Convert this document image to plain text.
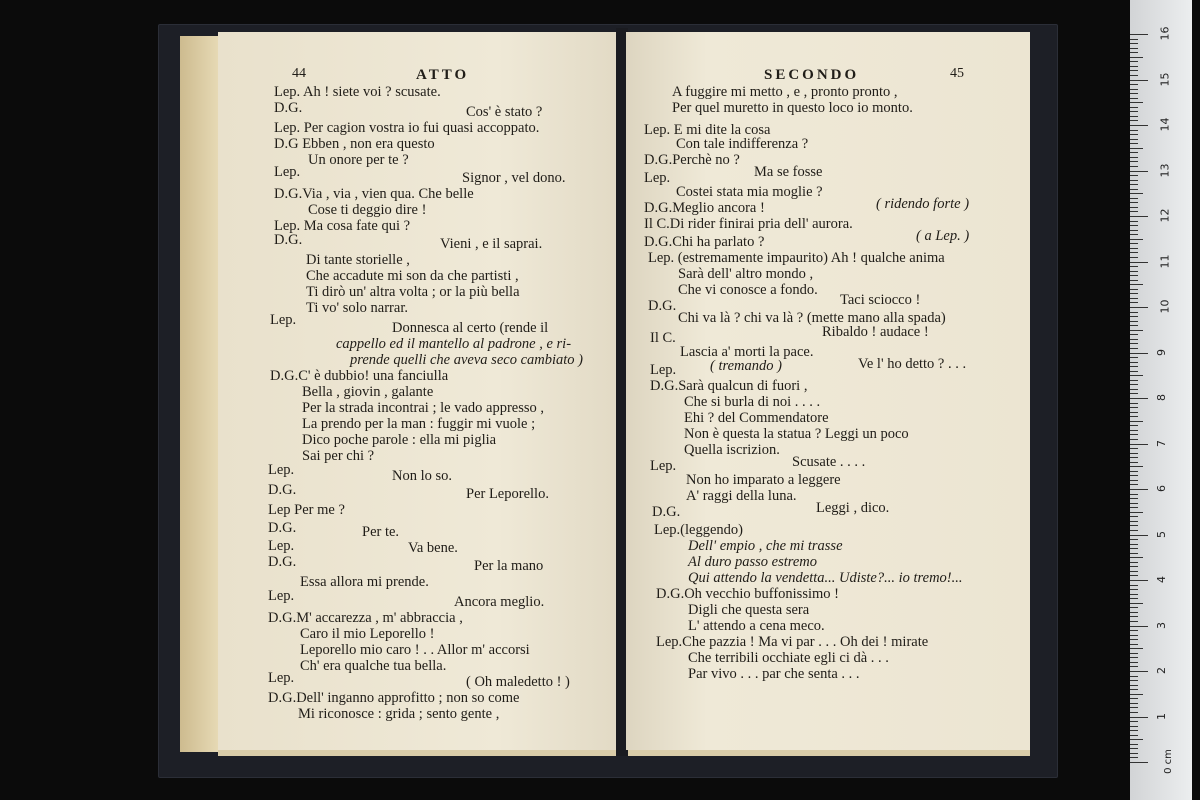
44	ATTO
Lep. Ah ! siete voi ? scusate.
D.G.	Cos' è stato ?
Lep. Per cagion vostra io fui quasi accoppato.
D.G Ebben , non era questo
Un onore per te ?
Lep.	Signor , vel dono.
D.G.Via , via , vien qua. Che belle
Cose ti deggio dire !
Lep. Ma cosa fate qui ?
D.G.	Vieni , e il saprai.
Di tante storielle ,
Che accadute mi son da che partisti ,
Ti dirò un' altra volta ; or la più bella
Ti vo' solo narrar.
Lep.	Donnesca al certo (rende il
cappello ed il mantello al padrone , e ri-
prende quelli che aveva seco cambiato )
D.G.C' è dubbio! una fanciulla
Bella , giovin , galante
Per la strada incontrai ; le vado appresso ,
La prendo per la man : fuggir mi vuole ;
Dico poche parole : ella mi piglia
Sai per chi ?
Lep.	Non lo so.
D.G.	Per Leporello.
Lep Per me ?
D.G.	Per te.
Lep.	Va bene.
D.G.	Per la mano
Essa allora mi prende.
Lep.	Ancora meglio.
D.G.M' accarezza , m' abbraccia ,
Caro il mio Leporello !
Leporello mio caro ! . . Allor m' accorsi
Ch' era qualche tua bella.
Lep.	( Oh maledetto ! )
D.G.Dell' inganno approfitto ; non so come
Mi riconosce : grida ; sento gente ,
SECONDO	45
A fuggire mi metto , e , pronto pronto ,
Per quel muretto in questo loco io monto.
Lep. E mi dite la cosa
Con tale indifferenza ?
D.G.Perchè no ?
Lep.	Ma se fosse
Costei stata mia moglie ?
D.G.Meglio ancora !	( ridendo forte )
Il C.Di rider finirai pria dell' aurora.
D.G.Chi ha parlato ?	( a Lep. )
Lep. (estremamente impaurito) Ah ! qualche anima
Sarà dell' altro mondo ,
Che vi conosce a fondo.
D.G.	Taci sciocco !
Chi va là ? chi va là ? (mette mano alla spada)
Il C.	Ribaldo ! audace !
Lascia a' morti la pace.
Lep. ( tremando )	Ve l' ho detto ? . . .
D.G.Sarà qualcun di fuori ,
Che si burla di noi . . . .
Ehi ? del Commendatore
Non è questa la statua ? Leggi un poco
Quella iscrizion.
Lep.	Scusate . . . .
Non ho imparato a leggere
A' raggi della luna.
D.G.	Leggi , dico.
Lep.(leggendo)
Dell' empio , che mi trasse
Al duro passo estremo
Qui attendo la vendetta... Udiste?... io tremo!...
D.G.Oh vecchio buffonissimo !
Digli che questa sera
L' attendo a cena meco.
Lep.Che pazzia ! Ma vi par . . . Oh dei ! mirate
Che terribili occhiate egli ci dà . . .
Par vivo . . . par che senta . . .
0 cm
1
2
3
4
5
6
7
8
9
10
11
12
13
14
15
16
